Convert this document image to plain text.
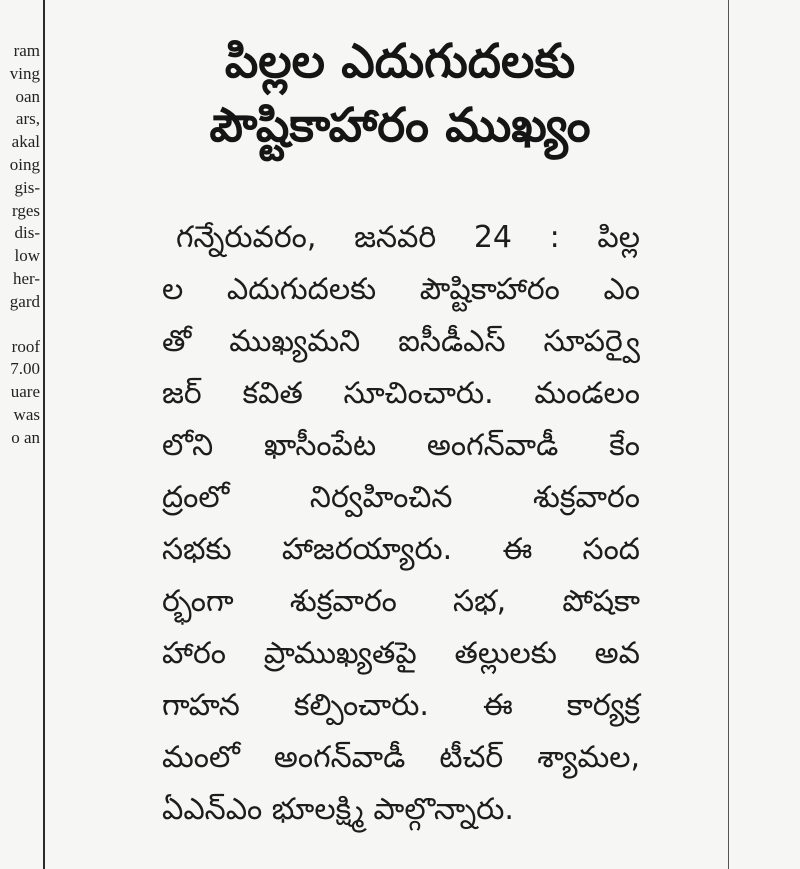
ram
ving
oan
ars,
akal
oing
gis-
rges
dis-
low
her-
gard
roof
7.00
uare
was
o an
పిల్లల ఎదుగుదలకు
పౌష్టికాహారం ముఖ్యం
గన్నేరువరం, జనవరి 24 : పిల్ల
ల ఎదుగుదలకు పౌష్టికాహారం ఎం
తో ముఖ్యమని ఐసీడీఎస్ సూపర్వై
జర్ కవిత సూచించారు. మండలం
లోని ఖాసీంపేట అంగన్‌వాడీ కేం
ద్రంలో నిర్వహించిన శుక్రవారం
సభకు హాజరయ్యారు. ఈ సంద
ర్భంగా శుక్రవారం సభ, పోషకా
హారం ప్రాముఖ్యతపై తల్లులకు అవ
గాహన కల్పించారు. ఈ కార్యక్ర
మంలో అంగన్‌వాడీ టీచర్ శ్యామల,
ఏఎన్ఎం భూలక్ష్మి పాల్గొన్నారు.
